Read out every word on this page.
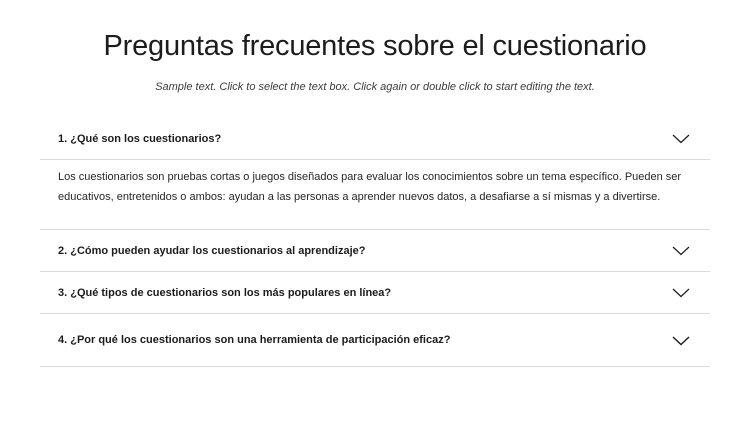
Preguntas frecuentes sobre el cuestionario
Sample text. Click to select the text box. Click again or double click to start editing the text.
1. ¿Qué son los cuestionarios?

Los cuestionarios son pruebas cortas o juegos diseñados para evaluar los conocimientos sobre un tema específico. Pueden ser educativos, entretenidos o ambos: ayudan a las personas a aprender nuevos datos, a desafiarse a sí mismas y a divertirse.

2. ¿Cómo pueden ayudar los cuestionarios al aprendizaje?
3. ¿Qué tipos de cuestionarios son los más populares en línea?
4. ¿Por qué los cuestionarios son una herramienta de participación eficaz?
